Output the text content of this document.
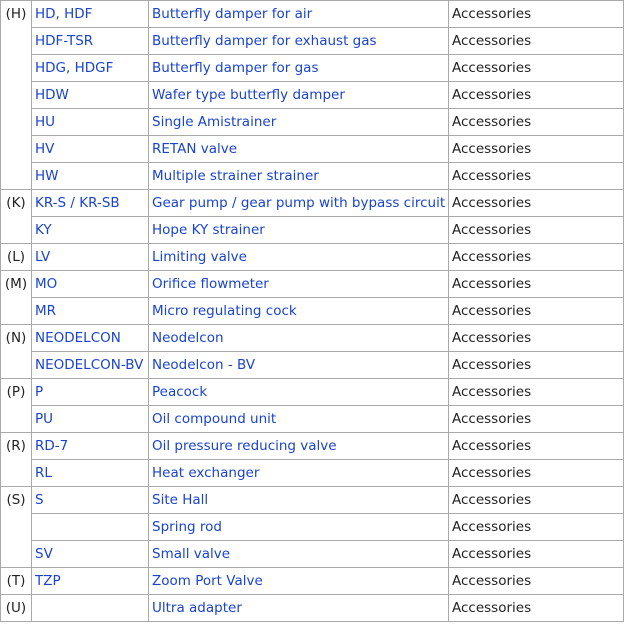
(H)	HD, HDF	Butterfly damper for air	Accessories
	HDF-TSR	Butterfly damper for exhaust gas	Accessories
	HDG, HDGF	Butterfly damper for gas	Accessories
	HDW	Wafer type butterfly damper	Accessories
	HU	Single Amistrainer	Accessories
	HV	RETAN valve	Accessories
	HW	Multiple strainer strainer	Accessories
(K)	KR-S / KR-SB	Gear pump / gear pump with bypass circuit	Accessories
	KY	Hope KY strainer	Accessories
(L)	LV	Limiting valve	Accessories
(M)	MO	Orifice flowmeter	Accessories
	MR	Micro regulating cock	Accessories
(N)	NEODELCON	Neodelcon	Accessories
	NEODELCON-BV	Neodelcon - BV	Accessories
(P)	P	Peacock	Accessories
	PU	Oil compound unit	Accessories
(R)	RD-7	Oil pressure reducing valve	Accessories
	RL	Heat exchanger	Accessories
(S)	S	Site Hall	Accessories
		Spring rod	Accessories
	SV	Small valve	Accessories
(T)	TZP	Zoom Port Valve	Accessories
(U)		Ultra adapter	Accessories
